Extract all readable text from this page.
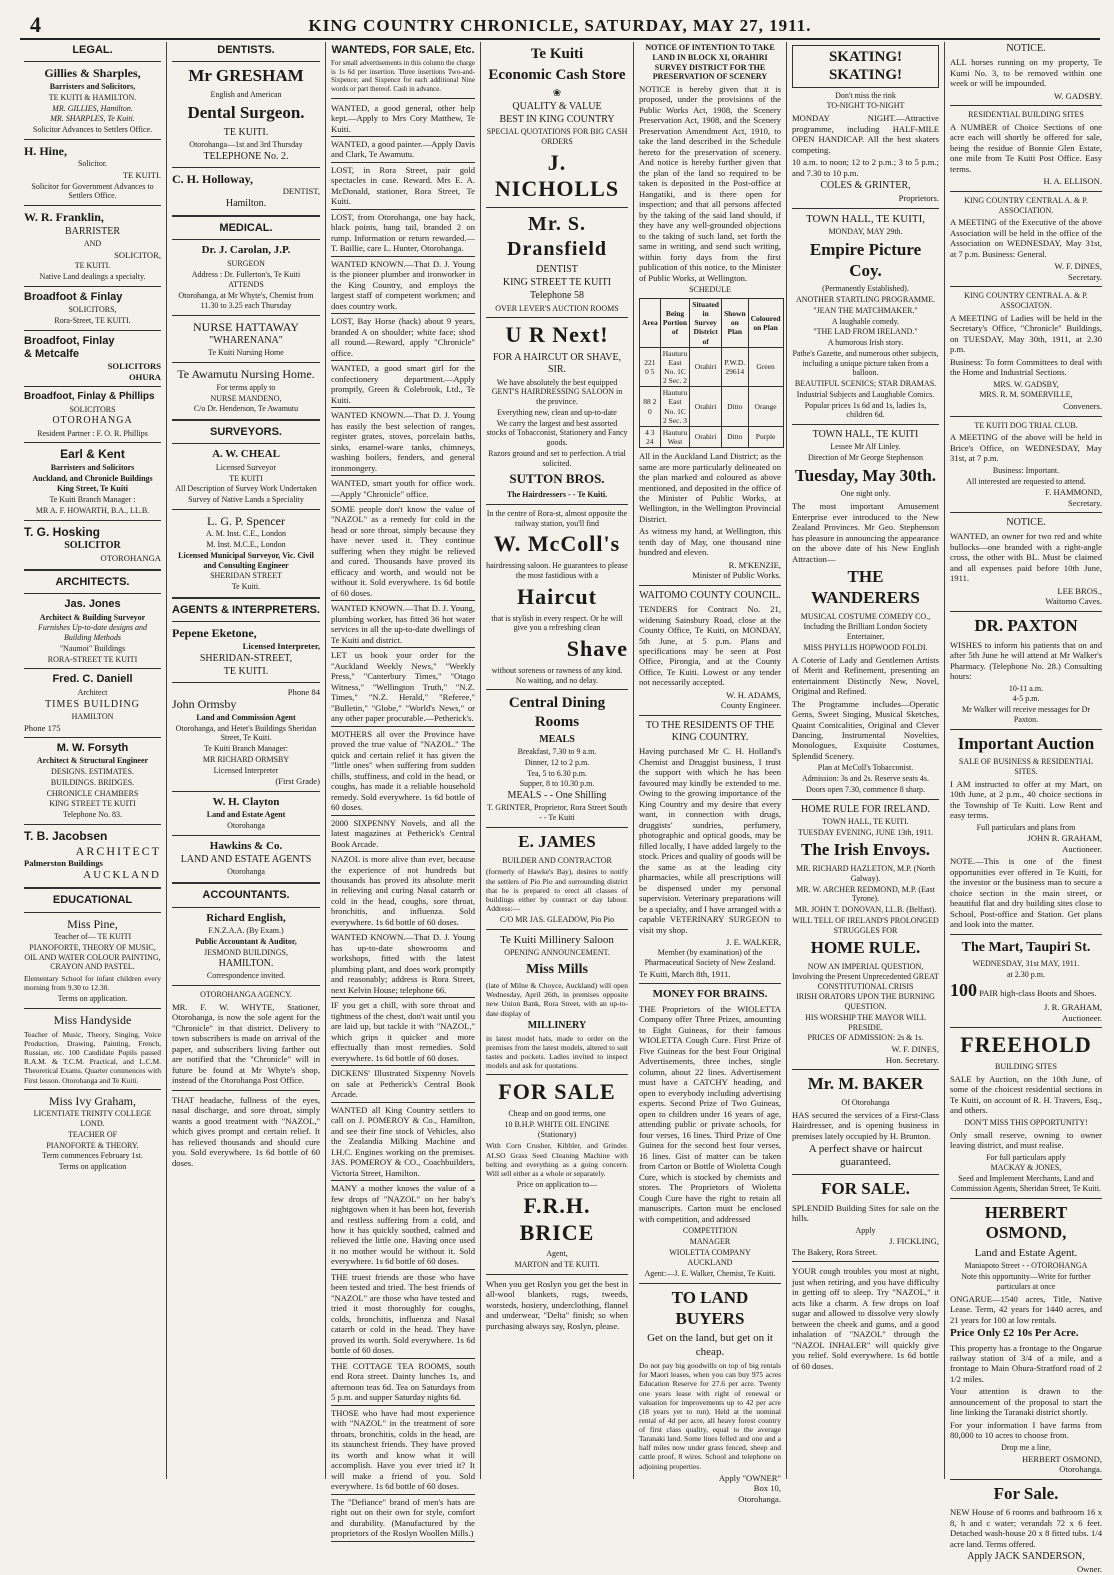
4	KING COUNTRY CHRONICLE, SATURDAY, MAY 27, 1911.
LEGAL.
Gillies & Sharples,
Barristers and Solicitors,
TE KUITI & HAMILTON.
MR. GILLIES, Hamilton.
MR. SHARPLES, Te Kuiti.
Solicitor Advances to Settlers Office.
H. Hine,
Solicitor.
TE KUITI.
Solicitor for Government Advances to Settlers Office.
W. R. Franklin,
BARRISTER
AND
SOLICITOR,
TE KUITI.
Native Land dealings a specialty.
Broadfoot & Finlay
SOLICITORS,
Rora-Street, TE KUITI.
Broadfoot, Finlay
& Metcalfe
SOLICITORS
OHURA
Broadfoot, Finlay & Phillips
SOLICITORS
OTOROHANGA
Resident Partner : F. O. R. Phillips
Earl & Kent
Barristers and Solicitors
Auckland, and Chronicle Buildings
King Street, Te Kuiti
Te Kuiti Branch Manager :
MR A. F. HOWARTH, B.A., LL.B.
T. G. Hosking
SOLICITOR
OTOROHANGA
ARCHITECTS.
Jas. Jones
Architect & Building Surveyor
Furnishes Up-to-date designs and Building Methods
"Naumoi" Buildings
RORA-STREET TE KUITI
Fred. C. Daniell
Architect
TIMES BUILDING
HAMILTON
Phone 175
M. W. Forsyth
Architect & Structural Engineer
DESIGNS. ESTIMATES.
BUILDINGS. BRIDGES.
CHRONICLE CHAMBERS
KING STREET TE KUITI
Telephone No. 83.
T. B. Jacobsen
ARCHITECT
Palmerston Buildings
AUCKLAND
EDUCATIONAL
Miss Pine,
Teacher of— TE KUITI
PIANOFORTE, THEORY OF MUSIC, OIL AND WATER COLOUR PAINTING, CRAYON AND PASTEL.
Elementary School for infant children every morning from 9.30 to 12.30.
Terms on application.
Miss Handyside
Teacher of Music, Theory, Singing, Voice Production, Drawing, Painting, French, Russian, etc. 100 Candidate Pupils passed R.A.M. & T.C.M. Practical, and L.C.M. Theoretical Exams. Quarter commences with First lesson. Otorohanga and Te Kuiti.
Miss Ivy Graham,
LICENTIATE TRINITY COLLEGE LOND.
TEACHER OF
PIANOFORTE & THEORY.
Term commences February 1st.
Terms on application
DENTISTS.
Mr GRESHAM
English and American
Dental Surgeon.
TE KUITI.
Otorohanga—1st and 3rd Thursday
TELEPHONE No. 2.
C. H. Holloway,
DENTIST,
Hamilton.
MEDICAL.
Dr. J. Carolan, J.P.
SURGEON
Address : Dr. Fullerton's, Te Kuiti
ATTENDS
Otorohanga, at Mr Whyte's, Chemist from 11.30 to 3.25 each Thursday
NURSE HATTAWAY
"WHARENANA"
Te Kuiti Nursing Home
Te Awamutu Nursing Home.
For terms apply to
NURSE MANDENO,
C/o Dr. Henderson, Te Awamutu
SURVEYORS.
A. W. CHEAL
Licensed Surveyor
TE KUITI
All Description of Survey Work Undertaken
Survey of Native Lands a Speciality
L. G. P. Spencer
A. M. Inst. C.E., London
M. Inst. M.C.E., London
Licensed Municipal Surveyor, Vic. Civil and Consulting Engineer
SHERIDAN STREET
Te Kuiti.
AGENTS & INTERPRETERS.
Pepene Eketone,
Licensed Interpreter,
SHERIDAN-STREET,
TE KUITI.
Phone 84
John Ormsby
Land and Commission Agent
Otorohanga, and Hetet's Buildings Sheridan Street, Te Kuiti.
Te Kuiti Branch Manager:
MR RICHARD ORMSBY
Licensed Interpreter
(First Grade)
W. H. Clayton
Land and Estate Agent
Otorohanga
Hawkins & Co.
LAND AND ESTATE AGENTS
Otorohanga
ACCOUNTANTS.
Richard English,
F.N.Z.A.A. (By Exam.)
Public Accountant & Auditor,
JESMOND BUILDINGS,
HAMILTON.
Correspondence invited.
OTOROHANGA AGENCY.
MR. F. W. WHYTE, Stationer, Otorohanga, is now the sole agent for the "Chronicle" in that district. Delivery to town subscribers is made on arrival of the paper, and subscribers living farther out are notified that the "Chronicle" will in future be found at Mr Whyte's shop, instead of the Otorohanga Post Office.
THAT headache, fullness of the eyes, nasal discharge, and sore throat, simply wants a good treatment with "NAZOL," which gives prompt and certain relief. It has relieved thousands and should cure you. Sold everywhere. 1s 6d bottle of 60 doses.
WANTEDS, FOR SALE, Etc.
For small advertisements in this column the charge is 1s 6d per insertion. Three insertions Two-and-Sixpence; and Sixpence for each additional Nine words or part thereof. Cash in advance.
WANTED, a good general, other help kept.—Apply to Mrs Cory Matthew, Te Kuiti.
WANTED, a good painter.—Apply Davis and Clark, Te Awamutu.
LOST, in Rora Street, pair gold spectacles in case. Reward. Mrs E. A. McDonald, stationer, Rora Street, Te Kuiti.
LOST, from Otorohanga, one bay hack, black points, bang tail, branded 2 on rump. Information or return rewarded.—T. Baillie, care L. Hunter, Otorohanga.
WANTED KNOWN.—That D. J. Young is the pioneer plumber and ironworker in the King Country, and employs the largest staff of competent workmen; and does country work.
LOST, Bay Horse (hack) about 9 years, branded A on shoulder; white face; shod all round.—Reward, apply "Chronicle" office.
WANTED, a good smart girl for the confectionery department.—Apply promptly, Green & Colebrook, Ltd., Te Kuiti.
WANTED KNOWN.—That D. J. Young has easily the best selection of ranges, register grates, stoves, porcelain baths, sinks, enamel-ware tanks, chimneys, washing boilers, fenders, and general ironmongery.
WANTED, smart youth for office work.—Apply "Chronicle" office.
SOME people don't know the value of "NAZOL" as a remedy for cold in the head or sore throat, simply because they have never used it. They continue suffering when they might be relieved and cured. Thousands have proved its efficacy and worth, and would not be without it. Sold everywhere. 1s 6d bottle of 60 doses.
WANTED KNOWN.—That D. J. Young, plumbing worker, has fitted 36 hot water services in all the up-to-date dwellings of Te Kuiti and district.
LET us book your order for the "Auckland Weekly News," "Weekly Press," "Canterbury Times," "Otago Witness," "Wellington Truth," "N.Z. Times," "N.Z. Herald," "Referee," "Bulletin," "Globe," "World's News," or any other paper procurable.—Petherick's.
MOTHERS all over the Province have proved the true value of "NAZOL." The quick and certain relief it has given the "little ones" when suffering from sudden chills, stuffiness, and cold in the head, or coughs, has made it a reliable household remedy. Sold everywhere. 1s 6d bottle of 60 doses.
2000 SIXPENNY Novels, and all the latest magazines at Petherick's Central Book Arcade.
NAZOL is more alive than ever, because the experience of not hundreds but thousands has proved its absolute merit in relieving and curing Nasal catarrh or cold in the head, coughs, sore throat, bronchitis, and influenza. Sold everywhere. 1s 6d bottle of 60 doses.
WANTED KNOWN.—That D. J. Young has up-to-date showrooms and workshops, fitted with the latest plumbing plant, and does work promptly and reasonably; address is Rora Street, next Kelvin House; telephone 66.
IF you get a chill, with sore throat and tightness of the chest, don't wait until you are laid up, but tackle it with "NAZOL," which grips it quicker and more effectually than most remedies. Sold everywhere. 1s 6d bottle of 60 doses.
DICKENS' Illustrated Sixpenny Novels on sale at Petherick's Central Book Arcade.
WANTED all King Country settlers to call on J. POMEROY & Co., Hamilton, and see their fine stock of Vehicles, also the Zealandia Milking Machine and I.H.C. Engines working on the premises. JAS. POMEROY & CO., Coachbuilders, Victoria Street, Hamilton.
MANY a mother knows the value of a few drops of "NAZOL" on her baby's nightgown when it has been hot, feverish and restless suffering from a cold, and how it has quickly soothed, calmed and relieved the little one. Having once used it no mother would be without it. Sold everywhere. 1s 6d bottle of 60 doses.
THE truest friends are those who have been tested and tried. The best friends of "NAZOL" are those who have tested and tried it most thoroughly for coughs, colds, bronchitis, influenza and Nasal catarrh or cold in the head. They have proved its worth. Sold everywhere. 1s 6d bottle of 60 doses.
THE COTTAGE TEA ROOMS, south end Rora street. Dainty lunches 1s, and afternoon teas 6d. Tea on Saturdays from 5 p.m. and supper Saturday nights 6d.
THOSE who have had most experience with "NAZOL" in the treatment of sore throats, bronchitis, colds in the head, are its staunchest friends. They have proved its worth and know what it will accomplish. Have you ever tried it? It will make a friend of you. Sold everywhere. 1s 6d bottle of 60 doses.
The "Defiance" brand of men's hats are right out on their own for style, comfort and durability. (Manufactured by the proprietors of the Roslyn Woollen Mills.)
Te Kuiti
Economic Cash Store
❀
QUALITY & VALUE
BEST IN KING COUNTRY
SPECIAL QUOTATIONS FOR BIG CASH ORDERS
J. NICHOLLS
Mr. S. Dransfield
DENTIST
KING STREET TE KUITI
Telephone 58
OVER LEVER'S AUCTION ROOMS
U R Next!
FOR A HAIRCUT OR SHAVE, SIR.
We have absolutely the best equipped GENT'S HAIRDRESSING SALOON in the province.
Everything new, clean and up-to-date
We carry the largest and best assorted stocks of Tobacconist, Stationery and Fancy goods.
Razors ground and set to perfection. A trial solicited.
SUTTON BROS.
The Hairdressers - - Te Kuiti.
In the centre of Rora-st, almost opposite the railway station, you'll find
W. McColl's
hairdressing saloon. He guarantees to please the most fastidious with a
Haircut
that is stylish in every respect. Or he will give you a refreshing clean
Shave
without soreness or rawness of any kind. No waiting, and no delay.
Central Dining Rooms
MEALS
Breakfast, 7.30 to 9 a.m.
Dinner, 12 to 2 p.m.
Tea, 5 to 6.30 p.m.
Supper, 8 to 10.30 p.m.
MEALS - - One Shilling
T. GRINTER, Proprietor, Rora Street South - - Te Kuiti
E. JAMES
BUILDER AND CONTRACTOR
(formerly of Hawke's Bay), desires to notify the settlers of Pio Pio and surrounding district that he is prepared to erect all classes of buildings either by contract or day labour. Address:—
C/O MR JAS. GLEADOW, Pio Pio
Te Kuiti Millinery Saloon
OPENING ANNOUNCEMENT.
Miss Mills
(late of Milne & Choyce, Auckland) will open Wednesday, April 26th, in premises opposite new Union Bank, Rora Street, with an up-to-date display of
MILLINERY
in latest model hats, made to order on the premises from the latest models, altered to suit tastes and pockets. Ladies invited to inspect models and ask for quotations.
FOR SALE
Cheap and on good terms, one
10 B.H.P. WHITE OIL ENGINE (Stationary)
With Corn Crusher, Kibbler, and Grinder. ALSO Grass Seed Cleaning Machine with belting and everything as a going concern. Will sell either as a whole or separately.
Price on application to—
F.R.H. BRICE
Agent,
MARTON and TE KUITI.
When you get Roslyn you get the best in all-wool blankets, rugs, tweeds, worsteds, hosiery, underclothing, flannel and underwear, "Delta" finish; so when purchasing always say, Roslyn, please.
NOTICE OF INTENTION TO TAKE LAND IN BLOCK XI, ORAHIRI SURVEY DISTRICT FOR THE PRESERVATION OF SCENERY
NOTICE is hereby given that it is proposed, under the provisions of the Public Works Act, 1908, the Scenery Preservation Act, 1908, and the Scenery Preservation Amendment Act, 1910, to take the land described in the Schedule hereto for the preservation of scenery. And notice is hereby further given that the plan of the land so required to be taken is deposited in the Post-office at Hangatiki, and is there open for inspection; and that all persons affected by the taking of the said land should, if they have any well-grounded objections to the taking of such land, set forth the same in writing, and send such writing, within forty days from the first publication of this notice, to the Minister of Public Works, at Wellington.
SCHEDULE
Area	Being Portion of	Situated in Survey District of	Shown on Plan	Coloured on Plan
221 0 5	Hauturu East No. 1C 2 Sec. 2	Orahiri	P.W.D. 29614	Green
88 2 0	Hauturu East No. 1C 2 Sec. 3	Orahiri	Ditto	Orange
4 3 24	Hauturu West	Orahiri	Ditto	Purple
All in the Auckland Land District; as the same are more particularly delineated on the plan marked and coloured as above mentioned, and deposited in the office of the Minister of Public Works, at Wellington, in the Wellington Provincial District.
As witness my hand, at Wellington, this tenth day of May, one thousand nine hundred and eleven.
R. M'KENZIE,
Minister of Public Works.
WAITOMO COUNTY COUNCIL.
TENDERS for Contract No. 21, widening Sainsbury Road, close at the County Office, Te Kuiti, on MONDAY, 5th June, at 5 p.m. Plans and specifications may be seen at Post Office, Pirongia, and at the County Office, Te Kuiti. Lowest or any tender not necessarily accepted.
W. H. ADAMS,
County Engineer.
TO THE RESIDENTS OF THE KING COUNTRY.
Having purchased Mr C. H. Holland's Chemist and Druggist business, I trust the support with which he has been favoured may kindly be extended to me. Owing to the growing importance of the King Country and my desire that every want, in connection with drugs, druggists' sundries, perfumery, photographic and optical goods, may be filled locally, I have added largely to the stock. Prices and quality of goods will be the same as at the leading city pharmacies, while all prescriptions will be dispensed under my personal supervision. Veterinary preparations will be a specialty, and I have arranged with a capable VETERINARY SURGEON to visit my shop.
J. E. WALKER,
Member (by examination) of the Pharmaceutical Society of New Zealand.
Te Kuiti, March 8th, 1911.
MONEY FOR BRAINS.
THE Proprietors of the WIOLETTA Company offer Three Prizes, amounting to Eight Guineas, for their famous WIOLETTA Cough Cure. First Prize of Five Guineas for the best Four Original Advertisements, three inches, single column, about 22 lines. Advertisement must have a CATCHY heading, and open to everybody including advertising experts. Second Prize of Two Guineas, open to children under 16 years of age, attending public or private schools, for four verses, 16 lines. Third Prize of One Guinea for the second best four verses, 16 lines. Gist of matter can be taken from Carton or Bottle of Wioletta Cough Cure, which is stocked by chemists and stores. The Proprietors of Wioletta Cough Cure have the right to retain all manuscripts. Carton must be enclosed with competition, and addressed
COMPETITION
MANAGER
WIOLETTA COMPANY
AUCKLAND
Agent:—J. E. Walker, Chemist, Te Kuiti.
TO LAND BUYERS
Get on the land, but get on it cheap.
Do not pay big goodwills on top of big rentals for Maori leases, when you can buy 975 acres Education Reserve for 27.6 per acre. Twenty one years lease with right of renewal or valuation for improvements up to 42 per acre (18 years yet to run). Held at the nominal rental of 4d per acre, all heavy forest country of first class quality, equal to the average Taranaki land. Some lines felled and one and a half miles now under grass fenced, sheep and cattle proof, 8 wires. School and telephone on adjoining properties.
Apply "OWNER"
Box 10,
Otorohanga.
SKATING! SKATING!
Don't miss the rink
TO-NIGHT TO-NIGHT
MONDAY NIGHT.—Attractive programme, including HALF-MILE OPEN HANDICAP. All the best skaters competing.
10 a.m. to noon; 12 to 2 p.m.; 3 to 5 p.m.; and 7.30 to 10 p.m.
COLES & GRINTER,
Proprietors.
TOWN HALL, TE KUITI,
MONDAY, MAY 29th.
Empire Picture Coy.
(Permanently Established).
ANOTHER STARTLING PROGRAMME.
"JEAN THE MATCHMAKER."
A laughable comedy.
"THE LAD FROM IRELAND."
A humorous Irish story.
Pathe's Gazette, and numerous other subjects, including a unique picture taken from a balloon.
BEAUTIFUL SCENICS; STAR DRAMAS.
Industrial Subjects and Laughable Comics.
Popular prices 1s 6d and 1s, ladies 1s, children 6d.
TOWN HALL, TE KUITI
Lessee Mr Alf Linley.
Direction of Mr George Stephenson
Tuesday, May 30th.
One night only.
The most important Amusement Enterprise ever introduced to the New Zealand Provinces. Mr Geo. Stephenson has pleasure in announcing the appearance on the above date of his New English Attraction—
THE WANDERERS
MUSICAL COSTUME COMEDY CO.,
Including the Brilliant London Society Entertainer,
MISS PHYLLIS HOPWOOD FOLDI.
A Coterie of Lady and Gentlemen Artists of Merit and Refinement, presenting an entertainment Distinctly New, Novel, Original and Refined.
The Programme includes—Operatic Gems, Sweet Singing, Musical Sketches, Quaint Comicalities, Original and Clever Dancing, Instrumental Novelties, Monologues, Exquisite Costumes, Splendid Scenery.
Plan at McColl's Tobacconist.
Admission: 3s and 2s. Reserve seats 4s.
Doors open 7.30, commence 8 sharp.
HOME RULE FOR IRELAND.
TOWN HALL, TE KUITI.
TUESDAY EVENING, JUNE 13th, 1911.
The Irish Envoys.
MR. RICHARD HAZLETON, M.P. (North Galway).
MR. W. ARCHER REDMOND, M.P. (East Tyrone).
MR. JOHN T. DONOVAN, LL.B. (Belfast).
WILL TELL OF IRELAND'S PROLONGED STRUGGLES FOR
HOME RULE.
NOW AN IMPERIAL QUESTION, Involving the Present Unprecedented GREAT CONSTITUTIONAL CRISIS
IRISH ORATORS UPON THE BURNING QUESTION.
HIS WORSHIP THE MAYOR WILL PRESIDE.
PRICES OF ADMISSION: 2s & 1s.
W. F. DINES,
Hon. Secretary.
Mr. M. BAKER
Of Otorohanga
HAS secured the services of a First-Class Hairdresser, and is opening business in premises lately occupied by H. Brunton.
A perfect shave or haircut guaranteed.
FOR SALE.
SPLENDID Building Sites for sale on the hills.
Apply
J. FICKLING,
The Bakery, Rora Street.
YOUR cough troubles you most at night, just when retiring, and you have difficulty in getting off to sleep. Try "NAZOL," it acts like a charm. A few drops on loaf sugar and allowed to dissolve very slowly between the cheek and gums, and a good inhalation of "NAZOL" through the "NAZOL INHALER" will quickly give you relief. Sold everywhere. 1s 6d bottle of 60 doses.
NOTICE.
ALL horses running on my property, Te Kumi No. 3, to be removed within one week or will be impounded.
W. GADSBY.
RESIDENTIAL BUILDING SITES
A NUMBER of Choice Sections of one acre each will shortly be offered for sale, being the residue of Bonnie Glen Estate, one mile from Te Kuiti Post Office. Easy terms.
H. A. ELLISON.
KING COUNTRY CENTRAL A. & P. ASSOCIATION.
A MEETING of the Executive of the above Association will be held in the office of the Association on WEDNESDAY, May 31st, at 7 p.m. Business: General.
W. F. DINES,
Secretary.
KING COUNTRY CENTRAL A. & P. ASSOCIATON.
A MEETING of Ladies will be held in the Secretary's Office, "Chronicle" Buildings, on TUESDAY, May 30th, 1911, at 2.30 p.m.
Business: To form Committees to deal with the Home and Industrial Sections.
MRS. W. GADSBY,
MRS. R. M. SOMERVILLE,
Conveners.
TE KUITI DOG TRIAL CLUB.
A MEETING of the above will be held in Brice's Office, on WEDNESDAY, May 31st, at 7 p.m.
Business: Important.
All interested are requested to attend.
F. HAMMOND,
Secretary.
NOTICE.
WANTED, an owner for two red and white bullocks—one branded with a right-angle cross, the other with BL. Must be claimed and all expenses paid before 10th June, 1911.
LEE BROS.,
Waitomo Caves.
DR. PAXTON
WISHES to inform his patients that on and after 5th June he will attend at Mr Walker's Pharmacy. (Telephone No. 28.) Consulting hours:
10-11 a.m.
4-5 p.m.
Mr Walker will receive messages for Dr Paxton.
Important Auction
SALE OF BUSINESS & RESIDENTIAL SITES.
I AM instructed to offer at my Mart, on 10th June, at 2 p.m., 40 choice sections in the Township of Te Kuiti. Low Rent and easy terms.
Full particulars and plans from
JOHN R. GRAHAM,
Auctioneer.
NOTE.—This is one of the finest opportunities ever offered in Te Kuiti, for the investor or the business man to secure a choice section in the main street, or beautiful flat and dry building sites close to School, Post-office and Station. Get plans and look into the matter.
The Mart, Taupiri St.
WEDNESDAY, 31st MAY, 1911.
at 2.30 p.m.
100 PAIR high-class Boots and Shoes.
J. R. GRAHAM,
Auctioneer.
FREEHOLD
BUILDING SITES
SALE by Auction, on the 10th June, of some of the choicest residential sections in Te Kuiti, on account of R. H. Travers, Esq., and others.
DON'T MISS THIS OPPORTUNITY!
Only small reserve, owning to owner leaving district, and must realise.
For full particulars apply
MACKAY & JONES,
Seed and Implement Merchants, Land and Commission Agents, Sheridan Street, Te Kuiti.
HERBERT OSMOND,
Land and Estate Agent.
Maniapoto Street - - OTOROHANGA
Note this opportunity—Write for further particulars at once
ONGARUE—1540 acres, Title, Native Lease. Term, 42 years for 1440 acres, and 21 years for 100 at low rentals.
Price Only £2 10s Per Acre.
This property has a frontage to the Ongarue railway station of 3/4 of a mile, and a frontage to Main Ohura-Stratford road of 2 1/2 miles.
Your attention is drawn to the announcement of the proposal to start the line linking the Taranaki district shortly.
For your information I have farms from 80,000 to 10 acres to choose from.
Drop me a line,
HERBERT OSMOND,
Otorohanga.
For Sale.
NEW House of 6 rooms and bathroom 16 x 8, h and c water; verandah 72 x 6 feet. Detached wash-house 20 x 8 fitted tubs. 1/4 acre land. Terms offered.
Apply JACK SANDERSON,
Owner.
